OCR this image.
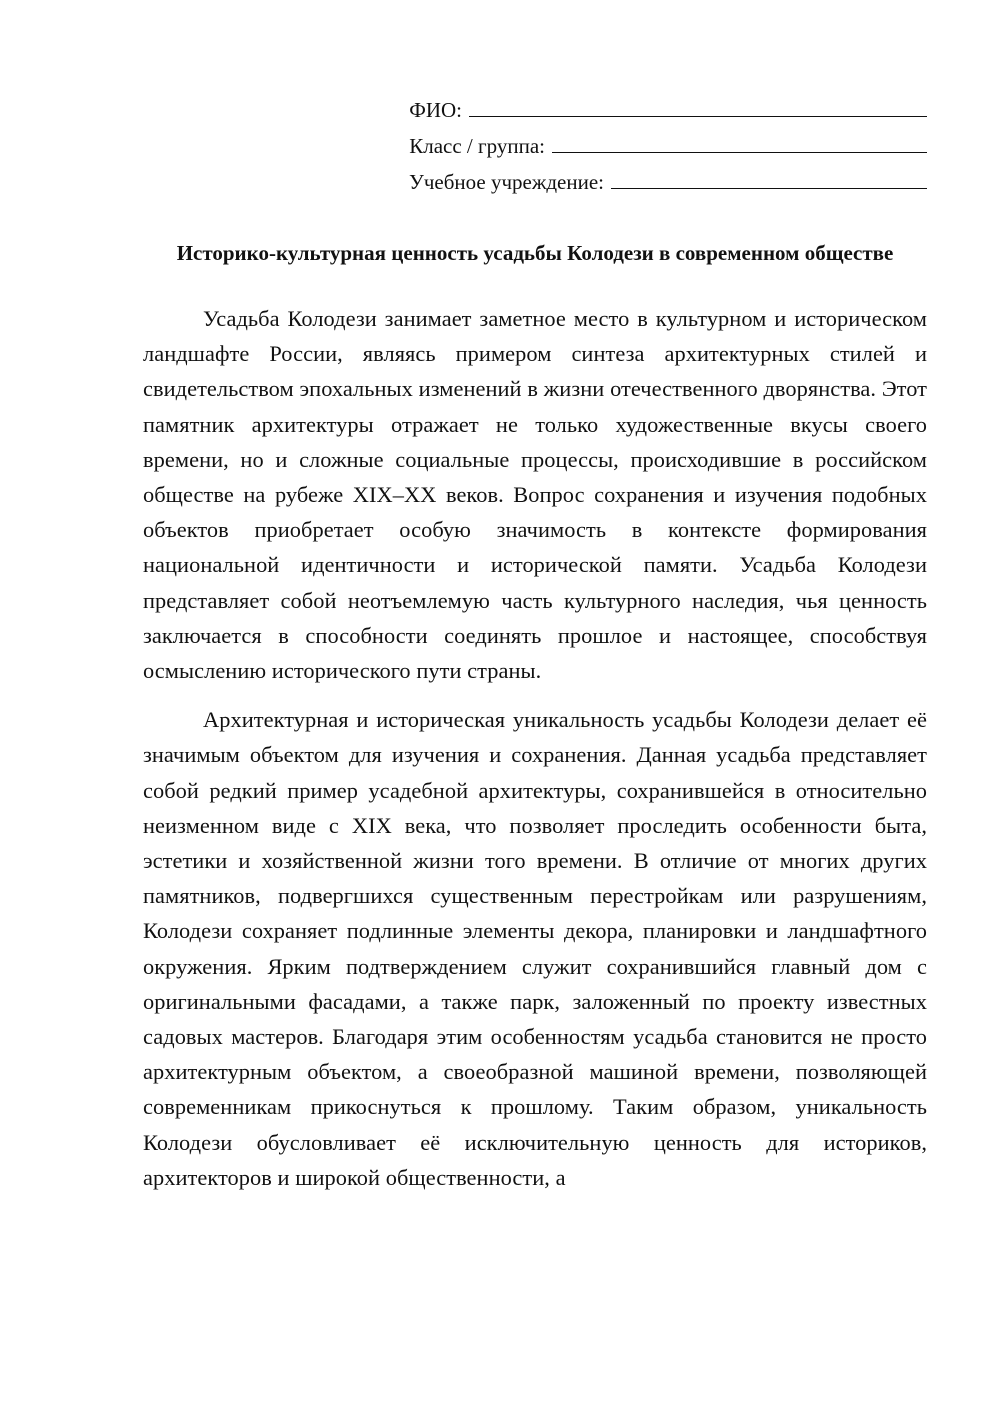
ФИО:
Класс / группа:
Учебное учреждение:
Историко-культурная ценность усадьбы Колодези в современном обществе

Усадьба Колодези занимает заметное место в культурном и историческом ландшафте России, являясь примером синтеза архитектурных стилей и свидетельством эпохальных изменений в жизни отечественного дворянства. Этот памятник архитектуры отражает не только художественные вкусы своего времени, но и сложные социальные процессы, происходившие в российском обществе на рубеже XIX–XX веков. Вопрос сохранения и изучения подобных объектов приобретает особую значимость в контексте формирования национальной идентичности и исторической памяти. Усадьба Колодези представляет собой неотъемлемую часть культурного наследия, чья ценность заключается в способности соединять прошлое и настоящее, способствуя осмыслению исторического пути страны.

Архитектурная и историческая уникальность усадьбы Колодези делает её значимым объектом для изучения и сохранения. Данная усадьба представляет собой редкий пример усадебной архитектуры, сохранившейся в относительно неизменном виде с XIX века, что позволяет проследить особенности быта, эстетики и хозяйственной жизни того времени. В отличие от многих других памятников, подвергшихся существенным перестройкам или разрушениям, Колодези сохраняет подлинные элементы декора, планировки и ландшафтного окружения. Ярким подтверждением служит сохранившийся главный дом с оригинальными фасадами, а также парк, заложенный по проекту известных садовых мастеров. Благодаря этим особенностям усадьба становится не просто архитектурным объектом, а своеобразной машиной времени, позволяющей современникам прикоснуться к прошлому. Таким образом, уникальность Колодези обусловливает её исключительную ценность для историков, архитекторов и широкой общественности, а
